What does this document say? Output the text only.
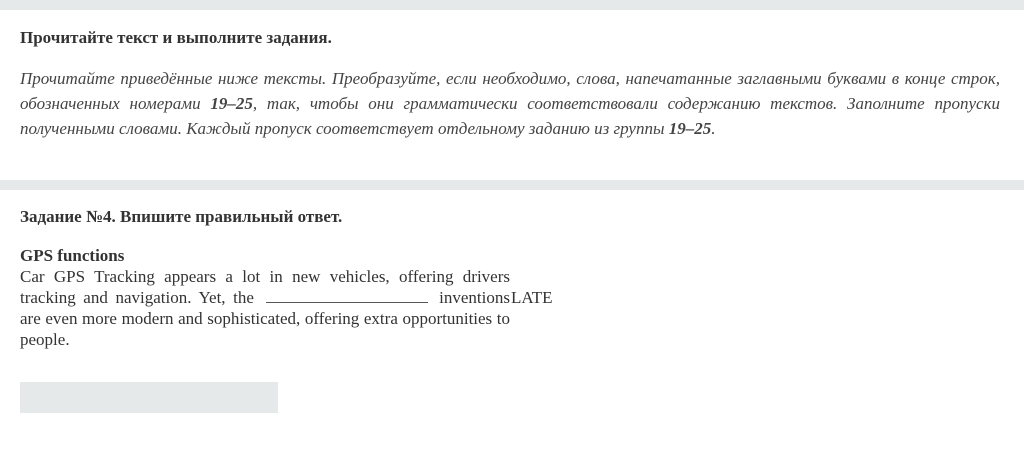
Прочитайте текст и выполните задания.

Прочитайте приведённые ниже тексты. Преобразуйте, если необходимо, слова, напечатанные заглавными буквами в конце строк, обозначенных номерами 19–25, так, чтобы они грамматически соответствовали содержанию текстов. Заполните пропуски полученными словами. Каждый пропуск соответствует отдельному заданию из группы 19–25.

Задание №4. Впишите правильный ответ.

GPS functions
Car GPS Tracking appears a lot in new vehicles, offering drivers tracking and navigation. Yet, the	inventions are even more modern and sophisticated, offering extra opportunities to people.
LATE
